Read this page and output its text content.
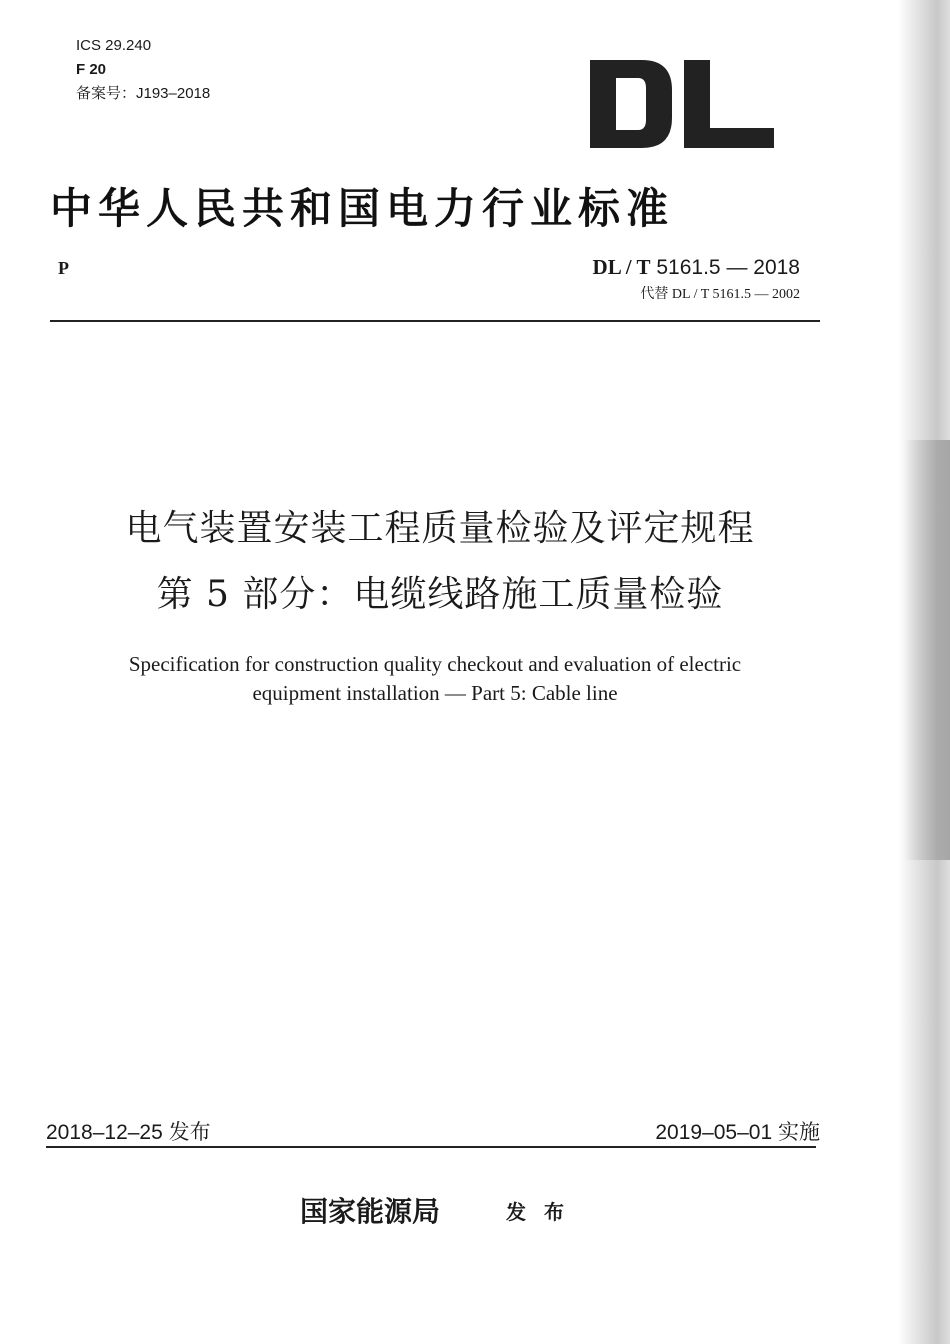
ICS 29.240
F 20
备案号：J193–2018
中华人民共和国电力行业标准
P	DL / T 5161.5 — 2018
代替 DL / T 5161.5 — 2002
电气装置安装工程质量检验及评定规程
第 5 部分：电缆线路施工质量检验
Specification for construction quality checkout and evaluation of electric
equipment installation — Part 5: Cable line
2018–12–25 发布	2019–05–01 实施
国家能源局	发布
